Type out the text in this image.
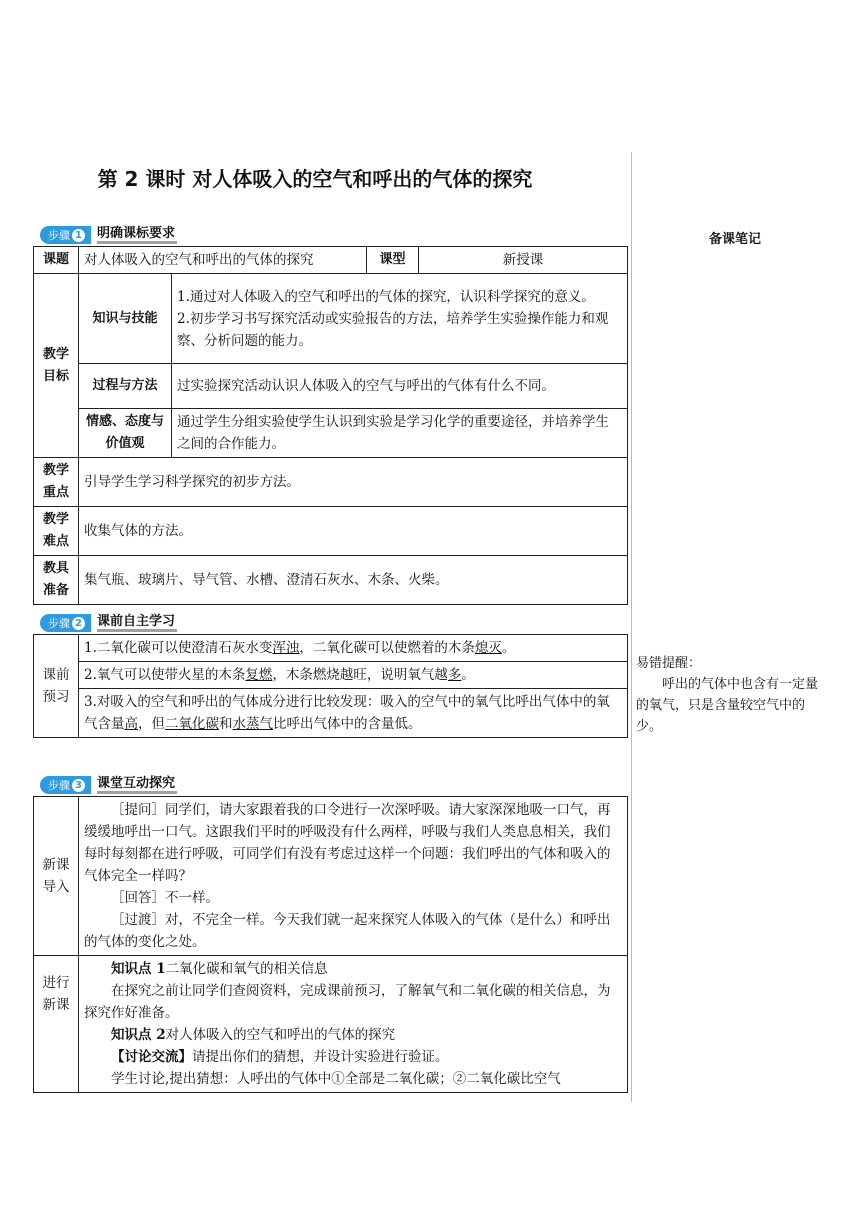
第 2 课时 对人体吸入的空气和呼出的气体的探究
备课笔记
步骤 1 明确课标要求
课题	对人体吸入的空气和呼出的气体的探究		课型	新授课
教学目标	知识与技能	1.通过对人体吸入的空气和呼出的气体的探究，认识科学探究的意义。

2.初步学习书写探究活动或实验报告的方法，培养学生实验操作能力和观察、分析问题的能力。		

	过程与方法	过实验探究活动认识人体吸入的空气与呼出的气体有什么不同。		
	情感、态度与价值观	通过学生分组实验使学生认识到实验是学习化学的重要途径，并培养学生之间的合作能力。		
教学重点	引导学生学习科学探究的初步方法。			
教学难点	收集气体的方法。			
教具准备	集气瓶、玻璃片、导气管、水槽、澄清石灰水、木条、火柴。			
步骤 2 课前自主学习
课前预习	1.二氧化碳可以使澄清石灰水变浑浊，二氧化碳可以使燃着的木条熄灭。
2.氧气可以使带火星的木条复燃，木条燃烧越旺，说明氧气越多。
3.对吸入的空气和呼出的气体成分进行比较发现：吸入的空气中的氧气比呼出气体中的氧气含量高，但二氧化碳和水蒸气比呼出气体中的含量低。

易错提醒：

呼出的气体中也含有一定量的氧气，只是含量较空气中的少。

步骤 3 课堂互动探究
新课导入	［提问］同学们，请大家跟着我的口令进行一次深呼吸。请大家深深地吸一口气，再缓缓地呼出一口气。这跟我们平时的呼吸没有什么两样，呼吸与我们人类息息相关，我们每时每刻都在进行呼吸，可同学们有没有考虑过这样一个问题：我们呼出的气体和吸入的气体完全一样吗？

［回答］不一样。

［过渡］对，不完全一样。今天我们就一起来探究人体吸入的气体（是什么）和呼出的气体的变化之处。

进行新课	知识点 1二氧化碳和氧气的相关信息

在探究之前让同学们查阅资料，完成课前预习，了解氧气和二氧化碳的相关信息，为探究作好准备。

知识点 2对人体吸入的空气和呼出的气体的探究

【讨论交流】请提出你们的猜想，并设计实验进行验证。

学生讨论,提出猜想：人呼出的气体中①全部是二氧化碳；②二氧化碳比空气
